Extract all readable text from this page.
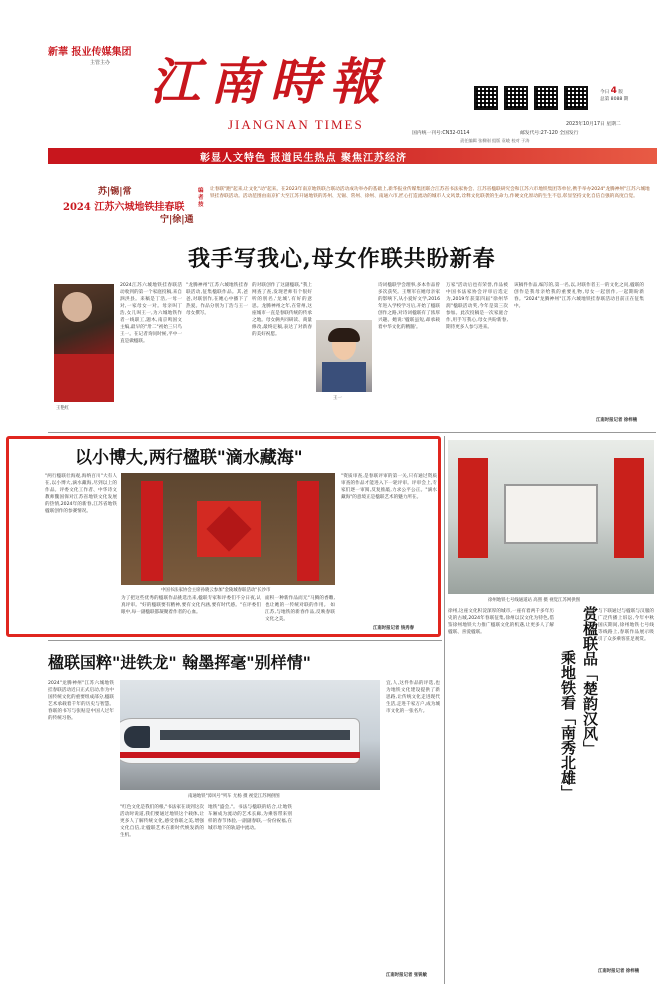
新華 报业传媒集团
主管主办 江南時報
JIANGNAN TIMES
今日 4 版
总第 8088 期
2023年10月17日 星期二
国内统一刊号:CN32-0114	邮发代号:27-120 全国发行
责任编辑 张柳刚 组版 袁峻 校对 于涛
彰显人文特色 报道民生热点 聚焦江苏经济
苏|锡|常
2024 江苏六城地铁挂春联
宁|徐|通
编者按
让春联"跑"起来,让文化"动"起来。在2023年南京地铁联合联动活动成功举办的基础上,新华报业传媒集团联合江苏省书法家协会、江苏省楹联研究会和江苏六市地铁集团等单位,携手举办2024"龙腾神州"江苏六城地铁挂春联活动。活动范围由南京扩大至江苏开通地铁的苏州、无锡、常州、徐州、南通六市,匠心打造流动的城市人文风景,诠释文化联袭的生命力,作硬文化原动的生生不息,彰显坚持文化自信自强的高度自觉。
我手写我心,母女作联共盼新春
王艳红
王一
2024江苏六城地铁挂春联活动收到的第一个家庭投稿,来自泗洪县。来稿是丁浩,一母一对,一家母女一对。母亲叫丁浩,女儿叫王一,为六城地铁作者一线职工,题木,南京鸣国文主编,最早的"卅二"初始三只鸟王一。在记者询问时候,平中一直是做楹联。
"龙腾神州"江苏六城地铁挂春联活动,征集楹联作品。其,爸爸,对联创作,在她心中播下了热爱。作品分别为丁浩与王一母女撰写。
的对联创作了这副楹联,"我上网查了查,发现老师有个很好听的别名,'龙城',有好的意思。龙腾神州之年,在常州,这座城市一直是春联传统的传承之地。母女俩共同研读、商量修改,最终定稿,表达了对新春的美好祝愿。
诗词楹联学会理事,多本作品曾多次获奖。王继军在她母亲家的影响下,从小爱好文学,2016年进入学校学习后,开始了楹联创作之路,对诗词楹联有了浓厚兴趣。她说:'楹联虽短,却承载着中华文化的精髓'。
万家"活动后也有荣誉,作品被中国书法家协会评审后选定为,2019年获第四届"徐州华润"楹联活动奖,今年是第三次参加。此次投稿是一次家庭合作,用手写我心,母女共盼新春,期待更多人参与进来。
该稿件作品,编写的,第一名,以,对联作者王一的文化之问,楹联的创作是我母亲给我的重要礼物,母女一起创作,一起期盼新春。"2024"龙腾神州"江苏六城地铁挂春联活动目前正在征集中。
江南时报记者 徐梓楠
以小博大,两行楹联"滴水藏海"
"两行楹联壮海观,海纳百川"大有人在,以小博大,滴水藏海,尽到以上的作品。评委文化工作者、中华诗文教师魏国保对江苏省地铁文化发展的热情,2024年的新春,江苏省地铁楹联创作的参赛情况。
中国书法家协会主席孙晓云参加"金陵城春联活动"长沙市
为了把这些优秀的楹联作品挑选出来,楹联专家和评委们不分日夜,认真评审。"好的楹联要有精神,要有文化内涵,要有时代感。"在评委们眼中,每一副楹联都凝聚着作者的心血。
面积一种新作品而无"马腾的香雕,也让她的一传统对联的作用。 如江苏,与地铁的新春作品,反映春联文化之美。
"资质审查,是春联评审的第一关,只有通过资质审查的作品才能进入下一轮评审。评审会上,专家们逐一审阅,反复推敲,力求公平公正。"滴水藏海"的意境正是楹联艺术的魅力所在。
江南时报记者 钱秀春
徐州地铁七号线通道站 高照 摄 视觉江苏网供图
徐州,这座文化积淀深厚的城市,一座有着两千多年历史的古城,2024年春联征集,徐州以汉文化为特色,借鉴徐州地铁大力推广楹联文化的机遇,让更多人了解楹联、喜爱楹联。	赏楹联品「楚韵汉风」
乘地铁看「南秀北雄」
与下联通过与楹联与汉服的广泛传播上诉讼,今年中秋国庆期间,徐州地铁七号线等线路上,春联作品展示吸引了众多乘客驻足观赏。
江南时报记者 徐梓楠
楹联国粹"进铁龙" 翰墨挥毫"别样情"
2024"龙腾神州"江苏六城地铁挂春联活动近日正式启动,作为中国传统文化的重要组成部分,楹联艺术承载着千年的历史与智慧。春联的书写与张贴是中国人过年的传统习俗。
南通地铁"漳风号"列车 尤杨 摄 视觉江苏网供图
"红色文化是我们的根,"书法家在谈到这次活动时说道,我们要通过地铁这个载体,让更多人了解传统文化,感受春联之美,增强文化自信,让楹联艺术在新时代焕发新的生机。
地铁"盛会,"。书法与楹联的结合,让地铁车厢成为流动的艺术长廊,为乘客带来别样的春节体验,一副副春联,一份份祝福,在城市地下的轨道中流动。
宜,人,这件作品的评选,也为地铁文化建设提供了新思路,让传统文化走进现代生活,走进千家万户,成为城市文化的一张名片。
江南时报记者 张锐敏
